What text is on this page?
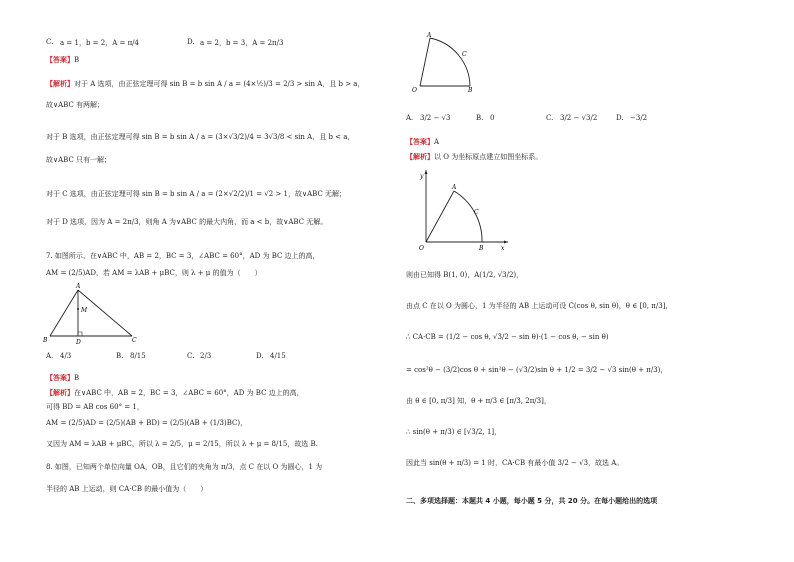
C. a = 1，b = 2，A = π/4	D. a = 2，b = 3，A = 2π/3
【答案】B
【解析】对于 A 选项，由正弦定理可得 sin B = b sin A / a = (4×½)/3 = 2/3 > sin A，且 b > a，
故∨ABC 有两解；
对于 B 选项，由正弦定理可得 sin B = b sin A / a = (3×√3/2)/4 = 3√3/8 < sin A，且 b < a，
故∨ABC 只有一解；
对于 C 选项，由正弦定理可得 sin B = b sin A / a = (2×√2/2)/1 = √2 > 1，故∨ABC 无解；
对于 D 选项，因为 A = 2π/3，则角 A 为∨ABC 的最大内角，而 a < b，故∨ABC 无解。
7. 如图所示，在∨ABC 中，AB = 2，BC = 3，∠ABC = 60°，AD 为 BC 边上的高，
AM = (2/5)AD，若 AM = λAB + μBC，则 λ + μ 的值为（　　）
A
B	D	C
M
A. 4/3	B. 8/15	C. 2/3	D. 4/15
【答案】B
【解析】在∨ABC 中，AB = 2，BC = 3，∠ABC = 60°，AD 为 BC 边上的高，
可得 BD = AB cos 60° = 1，
AM = (2/5)AD = (2/5)(AB + BD) = (2/5)(AB + (1/3)BC)，
又因为 AM = λAB + μBC，所以 λ = 2/5，μ = 2/15，所以 λ + μ = 8/15，故选 B.
8. 如图，已知两个单位向量 OA，OB，且它们的夹角为 π/3，点 C 在以 O 为圆心，1 为
半径的 AB 上运动，则 CA·CB 的最小值为（　　）
A
C
O	B
A. 3/2 − √3	B. 0	C. 3/2 − √3/2	D. −3/2
【答案】A
【解析】以 O 为坐标原点建立如图坐标系。
y
A
C
O	B	x
则由已知得 B(1, 0)，A(1/2, √3/2)，
由点 C 在以 O 为圆心，1 为半径的 AB 上运动可设 C(cos θ, sin θ)，θ ∈ [0, π/3]，
∴ CA·CB = (1/2 − cos θ, √3/2 − sin θ)·(1 − cos θ, − sin θ)
= cos²θ − (3/2)cos θ + sin²θ − (√3/2)sin θ + 1/2 = 3/2 − √3 sin(θ + π/3)，
由 θ ∈ [0, π/3] 知，θ + π/3 ∈ [π/3, 2π/3]，
∴ sin(θ + π/3) ∈ [√3/2, 1]，
因此当 sin(θ + π/3) = 1 时，CA·CB 有最小值 3/2 − √3，故选 A。
二、多项选择题：本题共 4 小题，每小题 5 分，共 20 分。在每小题给出的选项
